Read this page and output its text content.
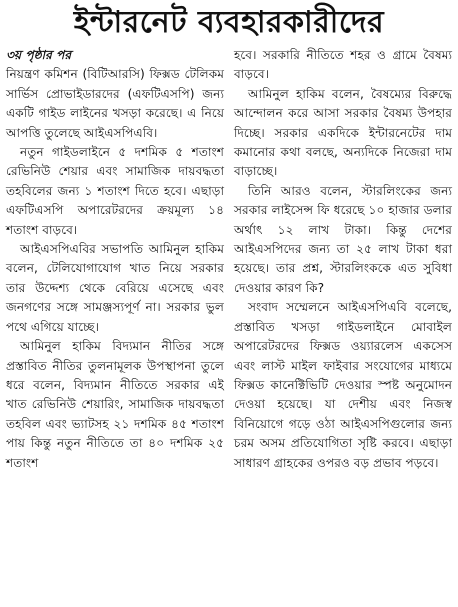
ইন্টারনেট ব্যবহারকারীদের

৩য় পৃষ্ঠার পর

নিয়ন্ত্রণ কমিশন (বিটিআরসি) ফিক্সড টেলিকম সার্ভিস প্রোভাইডারদের (এফটিএসপি) জন্য একটি গাইড লাইনের খসড়া করেছে। এ নিয়ে আপত্তি তুলেছে আইএসপিএবি।

নতুন গাইডলাইনে ৫ দশমিক ৫ শতাংশ রেভিনিউ শেয়ার এবং সামাজিক দায়বদ্ধতা তহবিলের জন্য ১ শতাংশ দিতে হবে। এছাড়া এফটিএসপি অপারেটরদের ক্রয়মূল্য ১৪ শতাংশ বাড়বে।

আইএসপিএবির সভাপতি আমিনুল হাকিম বলেন, টেলিযোগাযোগ খাত নিয়ে সরকার তার উদ্দেশ্য থেকে বেরিয়ে এসেছে এবং জনগণের সঙ্গে সামঞ্জস্যপূর্ণ না। সরকার ভুল পথে এগিয়ে যাচ্ছে।

আমিনুল হাকিম বিদ্যমান নীতির সঙ্গে প্রস্তাবিত নীতির তুলনামূলক উপস্থাপনা তুলে ধরে বলেন, বিদ্যমান নীতিতে সরকার এই খাত রেভিনিউ শেয়ারিং, সামাজিক দায়বদ্ধতা তহবিল এবং ভ্যাটসহ ২১ দশমিক ৪৫ শতাংশ পায় কিন্তু নতুন নীতিতে তা ৪০ দশমিক ২৫ শতাংশ

হবে। সরকারি নীতিতে শহর ও গ্রামে বৈষম্য বাড়বে।

আমিনুল হাকিম বলেন, বৈষম্যের বিরুদ্ধে আন্দোলন করে আসা সরকার বৈষম্য উপহার দিচ্ছে। সরকার একদিকে ইন্টারনেটের দাম কমানোর কথা বলছে, অন্যদিকে নিজেরা দাম বাড়াচ্ছে।

তিনি আরও বলেন, স্টারলিংকের জন্য সরকার লাইসেন্স ফি ধরেছে ১০ হাজার ডলার অর্থাৎ ১২ লাখ টাকা। কিন্তু দেশের আইএসপিদের জন্য তা ২৫ লাখ টাকা ধরা হয়েছে। তার প্রশ্ন, স্টারলিংককে এত সুবিধা দেওয়ার কারণ কি?

সংবাদ সম্মেলনে আইএসপিএবি বলেছে, প্রস্তাবিত খসড়া গাইডলাইনে মোবাইল অপারেটরদের ফিক্সড ওয়্যারলেস একসেস এবং লাস্ট মাইল ফাইবার সংযোগের মাধ্যমে ফিক্সড কানেক্টিভিটি দেওয়ার স্পষ্ট অনুমোদন দেওয়া হয়েছে। যা দেশীয় এবং নিজস্ব বিনিয়োগে গড়ে ওঠা আইএসপিগুলোর জন্য চরম অসম প্রতিযোগিতা সৃষ্টি করবে। এছাড়া সাধারণ গ্রাহকের ওপরও বড় প্রভাব পড়বে।
